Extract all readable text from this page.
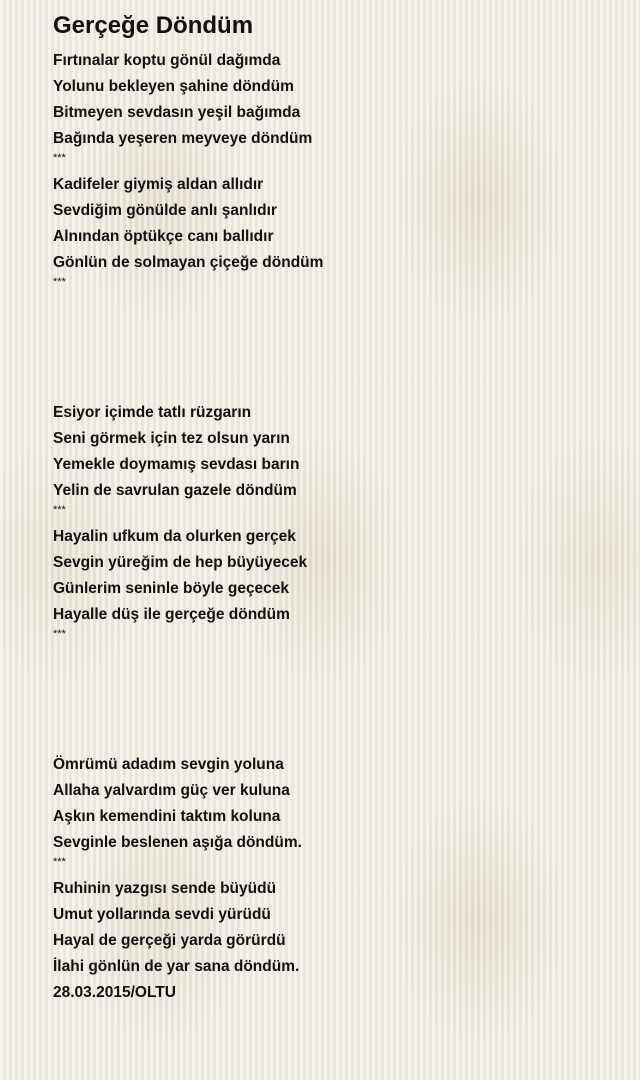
Gerçeğe Döndüm
Fırtınalar koptu gönül dağımda
Yolunu bekleyen şahine döndüm
Bitmeyen sevdasın yeşil bağımda
Bağında yeşeren meyveye döndüm
***
Kadifeler giymiş aldan allıdır
Sevdiğim gönülde anlı şanlıdır
Alnından öptükçe canı ballıdır
Gönlün de solmayan çiçeğe döndüm
***
Esiyor içimde tatlı rüzgarın
Seni görmek için tez olsun yarın
Yemekle doymamış sevdası barın
Yelin de savrulan gazele döndüm
***
Hayalin ufkum da olurken gerçek
Sevgin yüreğim de hep büyüyecek
Günlerim seninle böyle geçecek
Hayalle düş ile gerçeğe döndüm
***
Ömrümü adadım sevgin yoluna
Allaha yalvardım güç ver kuluna
Aşkın kemendini taktım koluna
Sevginle beslenen aşığa döndüm.
***
Ruhinin yazgısı sende büyüdü
Umut yollarında sevdi yürüdü
Hayal de gerçeği yarda görürdü
İlahi gönlün de yar sana döndüm.
28.03.2015/OLTU
